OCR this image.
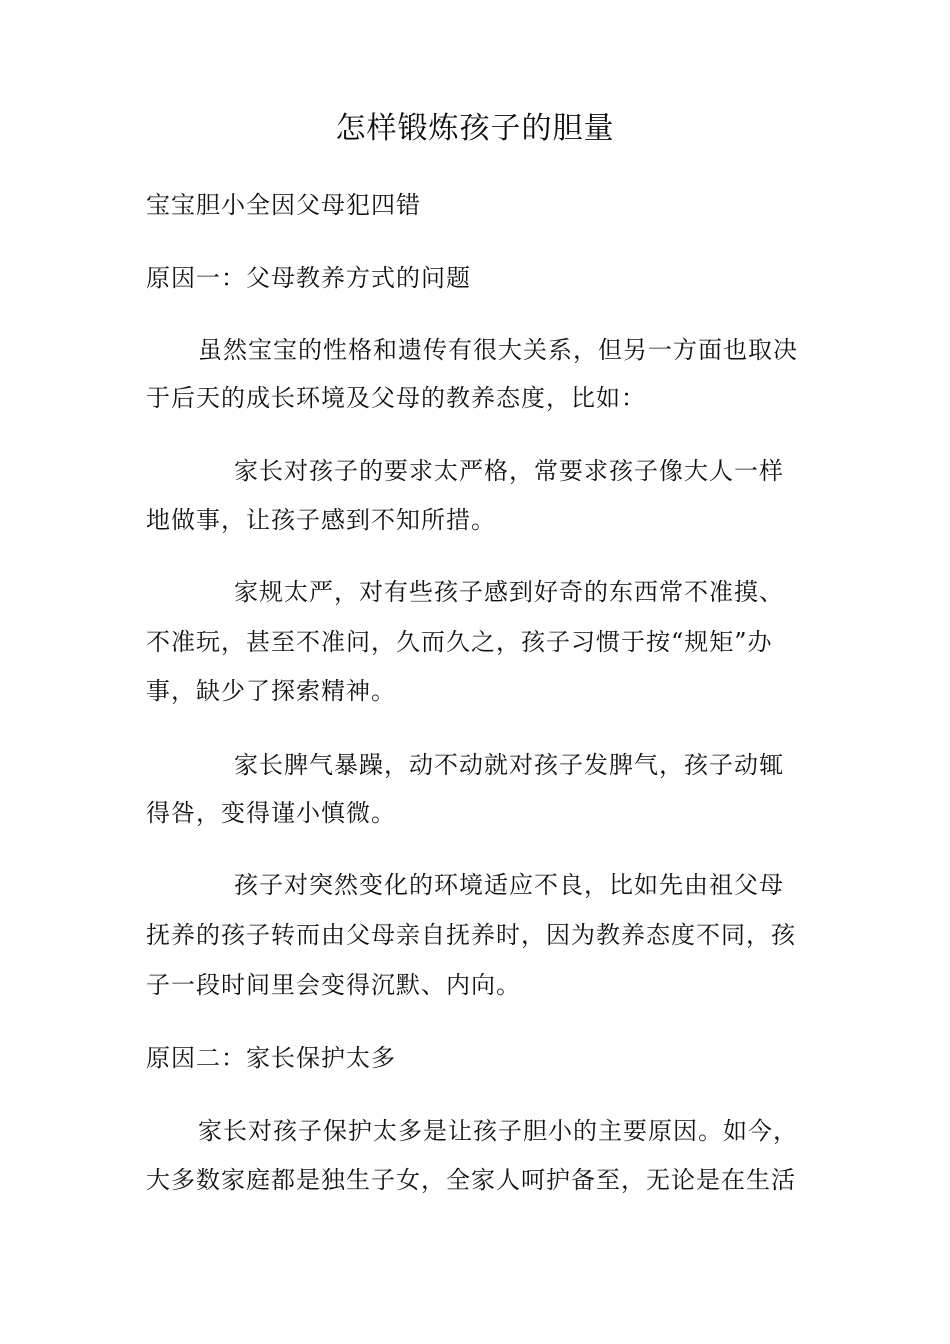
怎样锻炼孩子的胆量

宝宝胆小全因父母犯四错

原因一：父母教养方式的问题

虽然宝宝的性格和遗传有很大关系，但另一方面也取决

于后天的成长环境及父母的教养态度，比如：

家长对孩子的要求太严格，常要求孩子像大人一样

地做事，让孩子感到不知所措。

家规太严，对有些孩子感到好奇的东西常不准摸、

不准玩，甚至不准问，久而久之，孩子习惯于按“规矩”办

事，缺少了探索精神。

家长脾气暴躁，动不动就对孩子发脾气，孩子动辄

得咎，变得谨小慎微。

孩子对突然变化的环境适应不良，比如先由祖父母

抚养的孩子转而由父母亲自抚养时，因为教养态度不同，孩

子一段时间里会变得沉默、内向。

原因二：家长保护太多

家长对孩子保护太多是让孩子胆小的主要原因。如今，

大多数家庭都是独生子女，全家人呵护备至，无论是在生活
